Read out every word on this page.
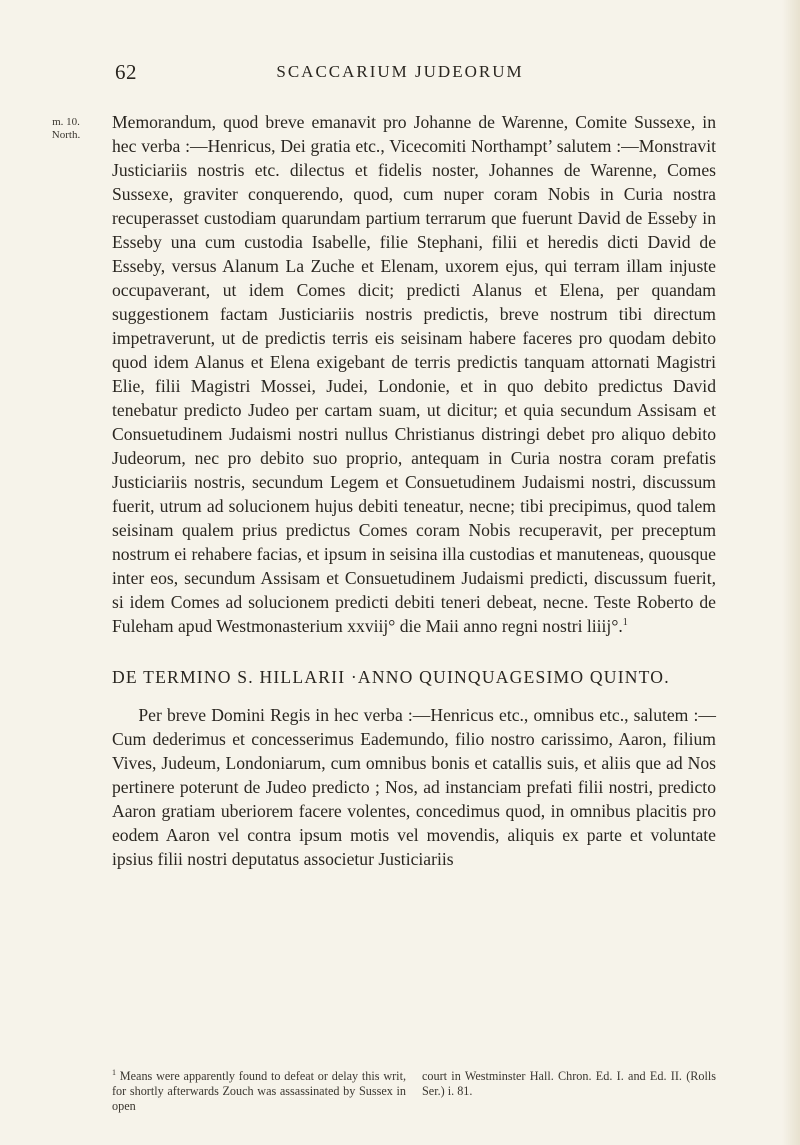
62	SCACCARIUM JUDEORUM
m. 10.
North.

Memorandum, quod breve emanavit pro Johanne de Warenne, Comite Sussexe, in hec verba :—Henricus, Dei gratia etc., Vicecomiti Northampt’ salutem :—Monstravit Justiciariis nostris etc. dilectus et fidelis noster, Johannes de Warenne, Comes Sussexe, graviter conquerendo, quod, cum nuper coram Nobis in Curia nostra recuperasset custodiam quarundam partium terrarum que fuerunt David de Esseby in Esseby una cum custodia Isabelle, filie Stephani, filii et heredis dicti David de Esseby, versus Alanum La Zuche et Elenam, uxorem ejus, qui terram illam injuste occupaverant, ut idem Comes dicit; predicti Alanus et Elena, per quandam suggestionem factam Justiciariis nostris predictis, breve nostrum tibi directum impetraverunt, ut de predictis terris eis seisinam habere faceres pro quodam debito quod idem Alanus et Elena exigebant de terris predictis tanquam attornati Magistri Elie, filii Magistri Mossei, Judei, Londonie, et in quo debito predictus David tenebatur predicto Judeo per cartam suam, ut dicitur; et quia secundum Assisam et Consuetudinem Judaismi nostri nullus Christianus distringi debet pro aliquo debito Judeorum, nec pro debito suo proprio, antequam in Curia nostra coram prefatis Justiciariis nostris, secundum Legem et Consuetudinem Judaismi nostri, discussum fuerit, utrum ad solucionem hujus debiti teneatur, necne; tibi precipimus, quod talem seisinam qualem prius predictus Comes coram Nobis recuperavit, per preceptum nostrum ei rehabere facias, et ipsum in seisina illa custodias et manuteneas, quousque inter eos, secundum Assisam et Consuetudinem Judaismi predicti, discussum fuerit, si idem Comes ad solucionem predicti debiti teneri debeat, necne. Teste Roberto de Fuleham apud Westmonasterium xxviij° die Maii anno regni nostri liiij°.$^1$

DE TERMINO S. HILLARII ·ANNO QUINQUAGESIMO QUINTO.

Per breve Domini Regis in hec verba :—Henricus etc., omnibus etc., salutem :—Cum dederimus et concesserimus Eademundo, filio nostro carissimo, Aaron, filium Vives, Judeum, Londoniarum, cum omnibus bonis et catallis suis, et aliis que ad Nos pertinere poterunt de Judeo predicto ; Nos, ad instanciam prefati filii nostri, predicto Aaron gratiam uberiorem facere volentes, concedimus quod, in omnibus placitis pro eodem Aaron vel contra ipsum motis vel movendis, aliquis ex parte et voluntate ipsius filii nostri deputatus associetur Justiciariis

$^1$ Means were apparently found to defeat or delay this writ, for shortly afterwards Zouch was assassinated by Sussex in open
court in Westminster Hall. Chron. Ed. I. and Ed. II. (Rolls Ser.) i. 81.
